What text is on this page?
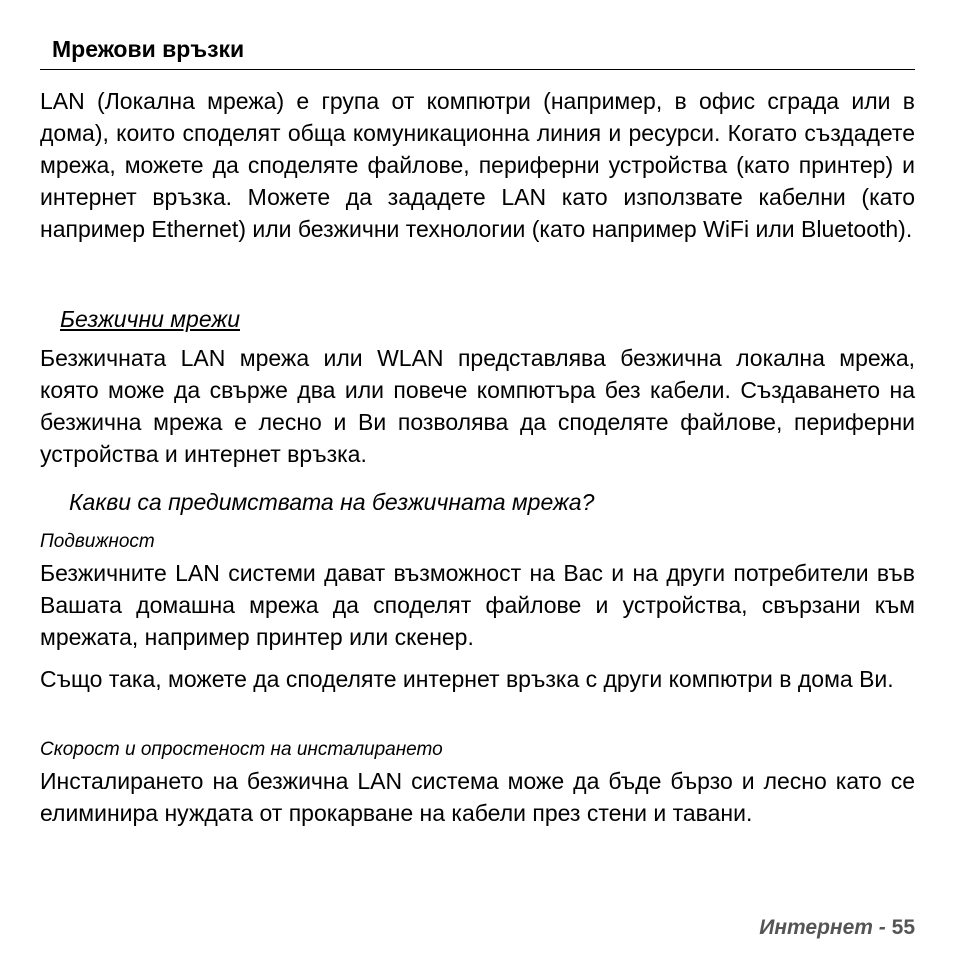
Мрежови връзки

LAN (Локална мрежа) е група от компютри (например, в офис сграда или в дома), които споделят обща комуникационна линия и ресурси. Когато създадете мрежа, можете да споделяте файлове, периферни устройства (като принтер) и интернет връзка. Можете да зададете LAN като използвате кабелни (като например Ethernet) или безжични технологии (като например WiFi или Bluetooth).

Безжични мрежи

Безжичната LAN мрежа или WLAN представлява безжична локална мрежа, която може да свърже два или повече компютъра без кабели. Създаването на безжична мрежа е лесно и Ви позволява да споделяте файлове, периферни устройства и интернет връзка.

Какви са предимствата на безжичната мрежа?
Подвижност

Безжичните LAN системи дават възможност на Вас и на други потребители във Вашата домашна мрежа да споделят файлове и устройства, свързани към мрежата, например принтер или скенер.

Също така, можете да споделяте интернет връзка с други компютри в дома Ви.

Скорост и опростеност на инсталирането

Инсталирането на безжична LAN система може да бъде бързо и лесно като се елиминира нуждата от прокарване на кабели през стени и тавани.

Интернет - 55
